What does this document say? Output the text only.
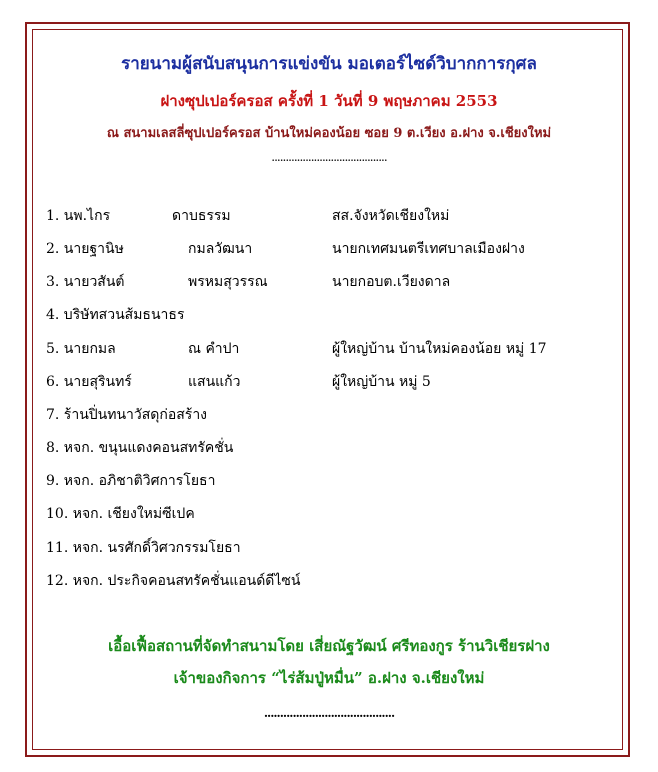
รายนามผู้สนับสนุนการแข่งขัน มอเตอร์ไซด์วิบากการกุศล
ฝางซุปเปอร์ครอส ครั้งที่ 1 วันที่ 9 พฤษภาคม 2553
ณ สนามเลสลี่ซุปเปอร์ครอส บ้านใหม่คองน้อย ซอย 9 ต.เวียง อ.ฝาง จ.เชียงใหม่
.........................................
1. นพ.ไกร	ดาบธรรม	สส.จังหวัดเชียงใหม่
2. นายฐานิษ	กมลวัฒนา	นายกเทศมนตรีเทศบาลเมืองฝาง
3. นายวสันต์	พรหมสุวรรณ	นายกอบต.เวียงดาล
4. บริษัทสวนส้มธนาธร
5. นายกมล	ณ คำปา	ผู้ใหญ่บ้าน บ้านใหม่คองน้อย หมู่ 17
6. นายสุรินทร์	แสนแก้ว	ผู้ใหญ่บ้าน หมู่ 5
7. ร้านปิ่นทนาวัสดุก่อสร้าง
8. หจก. ขนุนแดงคอนสทรัคชั่น
9. หจก. อภิชาติวิศการโยธา
10. หจก. เชียงใหม่ซีเปค
11. หจก. นรศักดิ์วิศวกรรมโยธา
12. หจก. ประกิจคอนสทรัคชั่นแอนด์ดีไซน์
เอื้อเฟื้อสถานที่จัดทำสนามโดย เสี่ยณัฐวัฒน์ ศรีทองกูร ร้านวิเชียรฝาง
เจ้าของกิจการ “ไร่ส้มปู่หมื่น” อ.ฝาง จ.เชียงใหม่
.........................................
